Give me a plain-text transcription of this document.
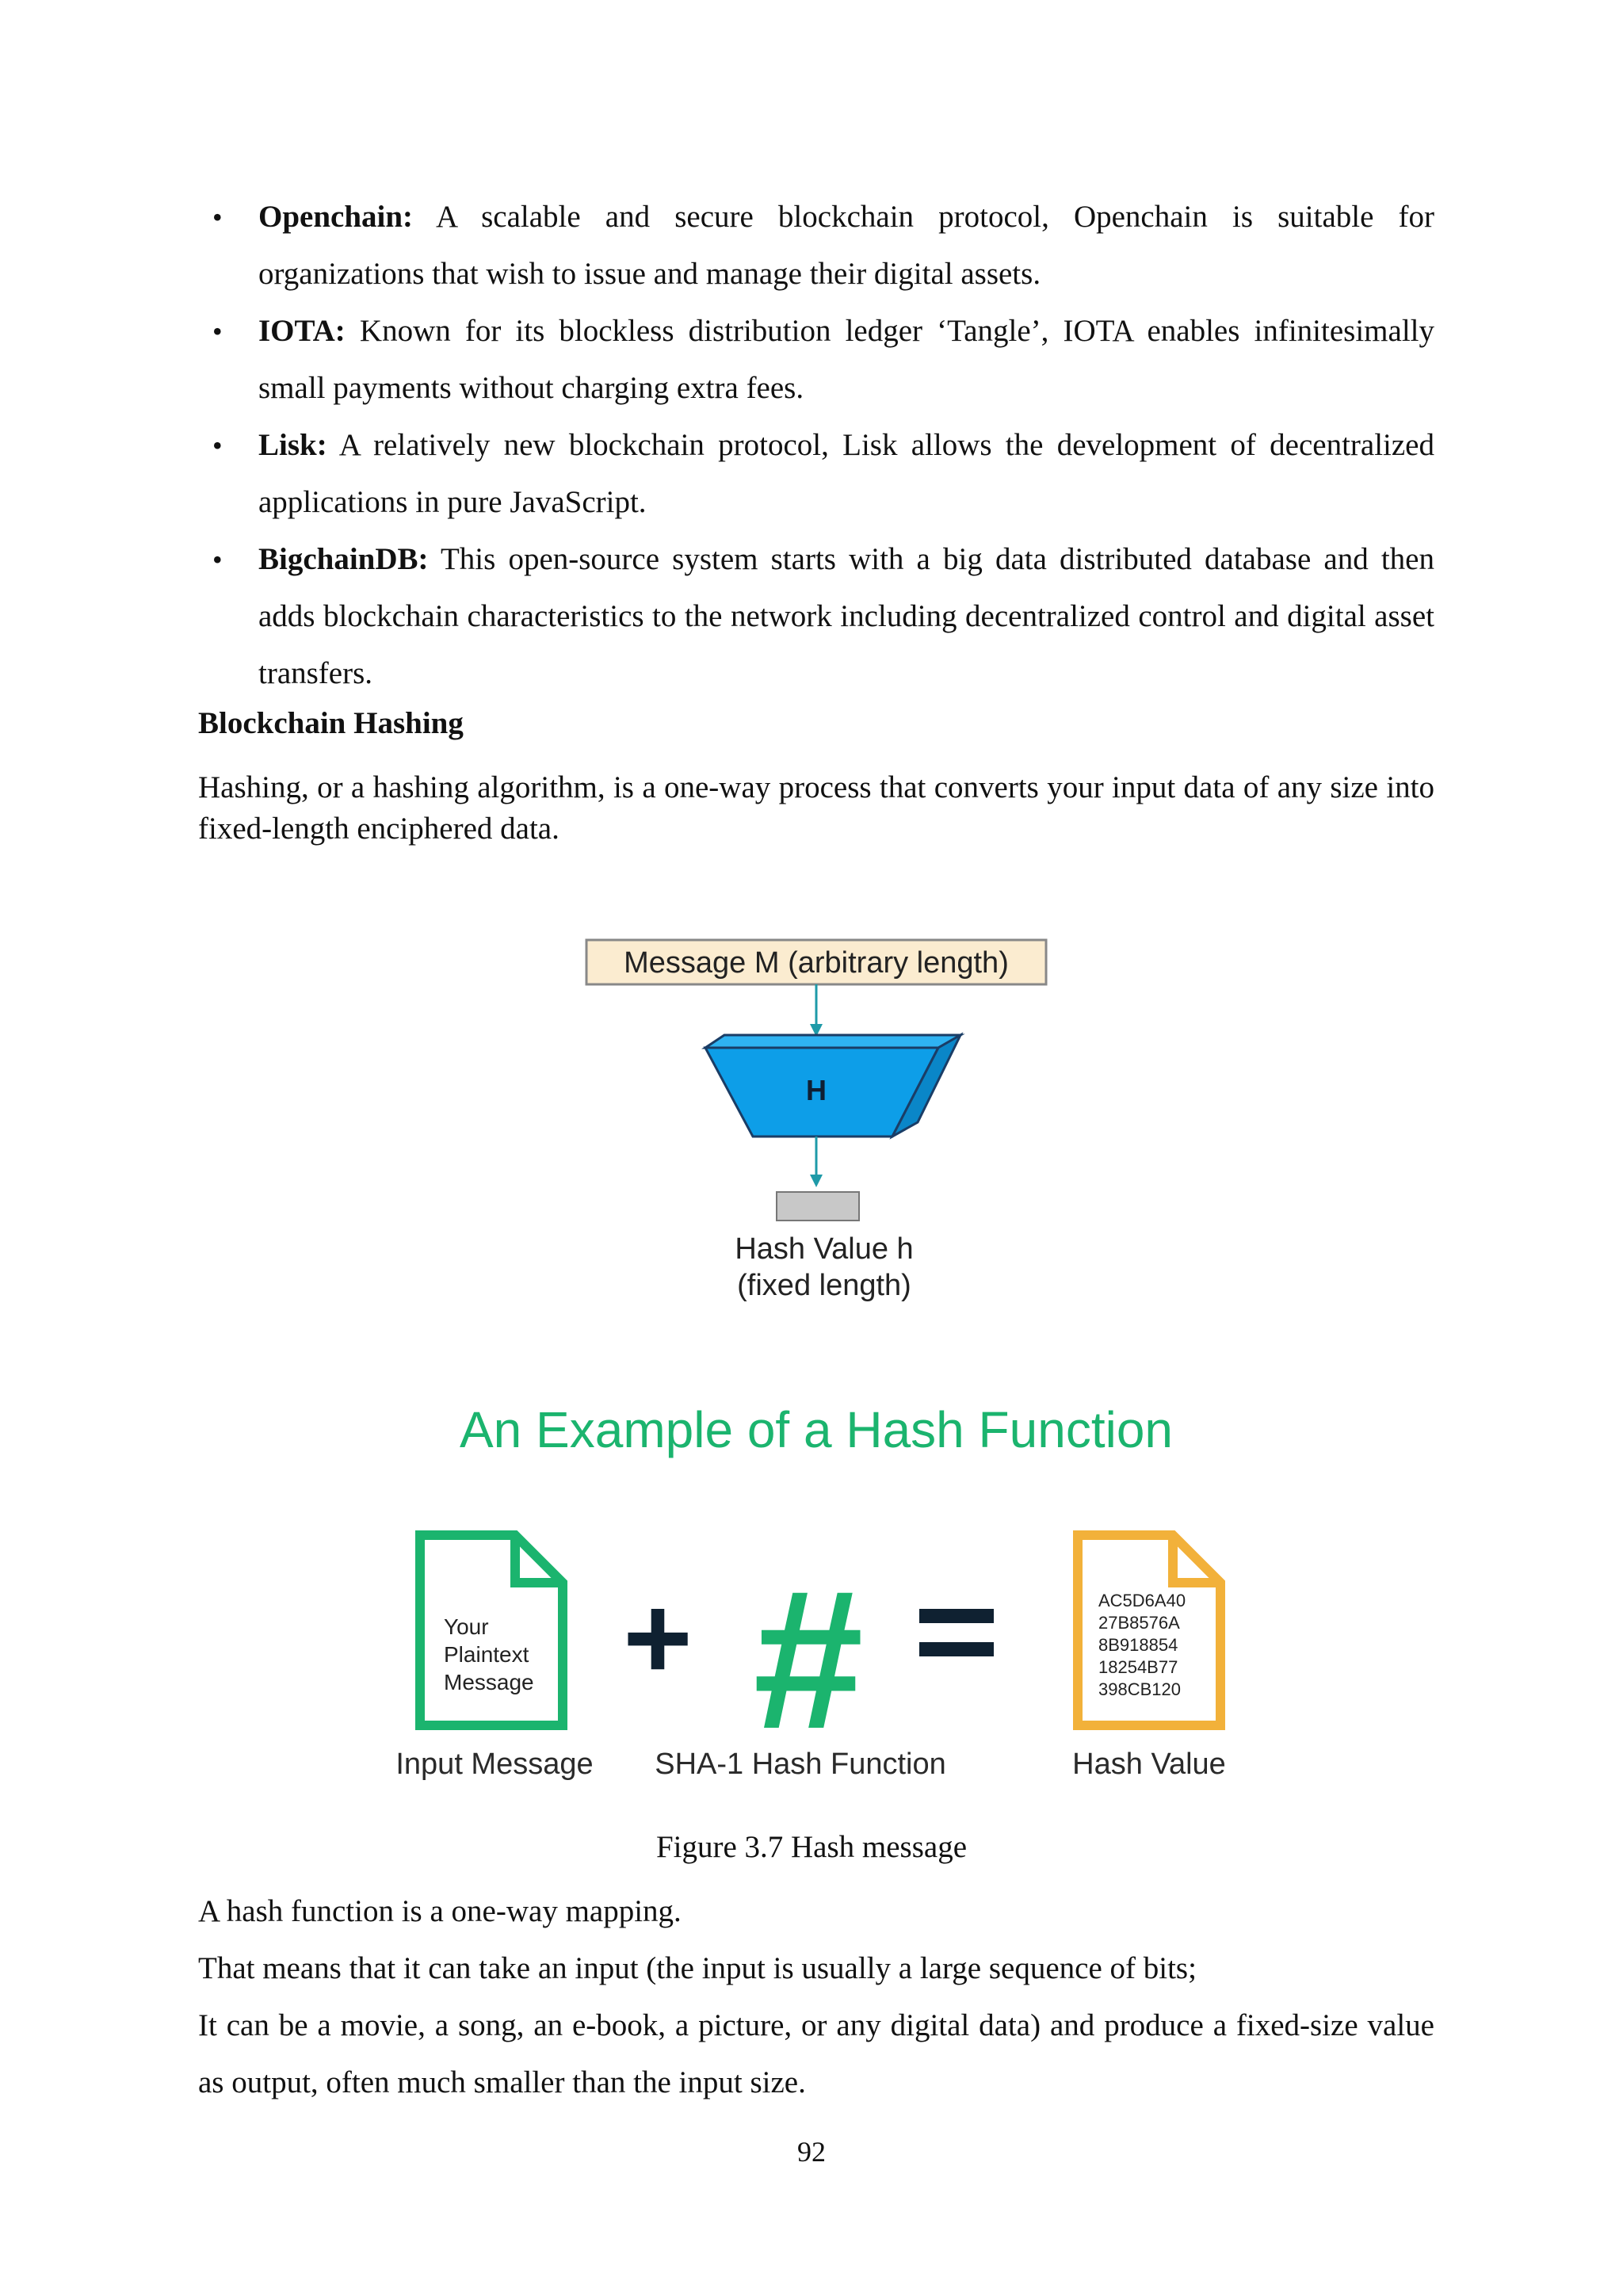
• Openchain: A scalable and secure blockchain protocol, Openchain is suitable for organizations that wish to issue and manage their digital assets.
• IOTA: Known for its blockless distribution ledger ‘Tangle’, IOTA enables infinitesimally small payments without charging extra fees.
• Lisk: A relatively new blockchain protocol, Lisk allows the development of decentralized applications in pure JavaScript.
• BigchainDB: This open-source system starts with a big data distributed database and then adds blockchain characteristics to the network including decentralized control and digital asset transfers.
Blockchain Hashing
Hashing, or a hashing algorithm, is a one-way process that converts your input data of any size into fixed-length enciphered data.
Message M (arbitrary length)
H
Hash Value h
(fixed length)
An Example of a Hash Function
Your
Plaintext
Message + #	AC5D6A40
27B8576A
8B918854
18254B77
398CB120
Input Message SHA-1 Hash Function	Hash Value
Figure 3.7 Hash message

A hash function is a one-way mapping.

That means that it can take an input (the input is usually a large sequence of bits;

It can be a movie, a song, an e-book, a picture, or any digital data) and produce a fixed-size value as output, often much smaller than the input size.

92
